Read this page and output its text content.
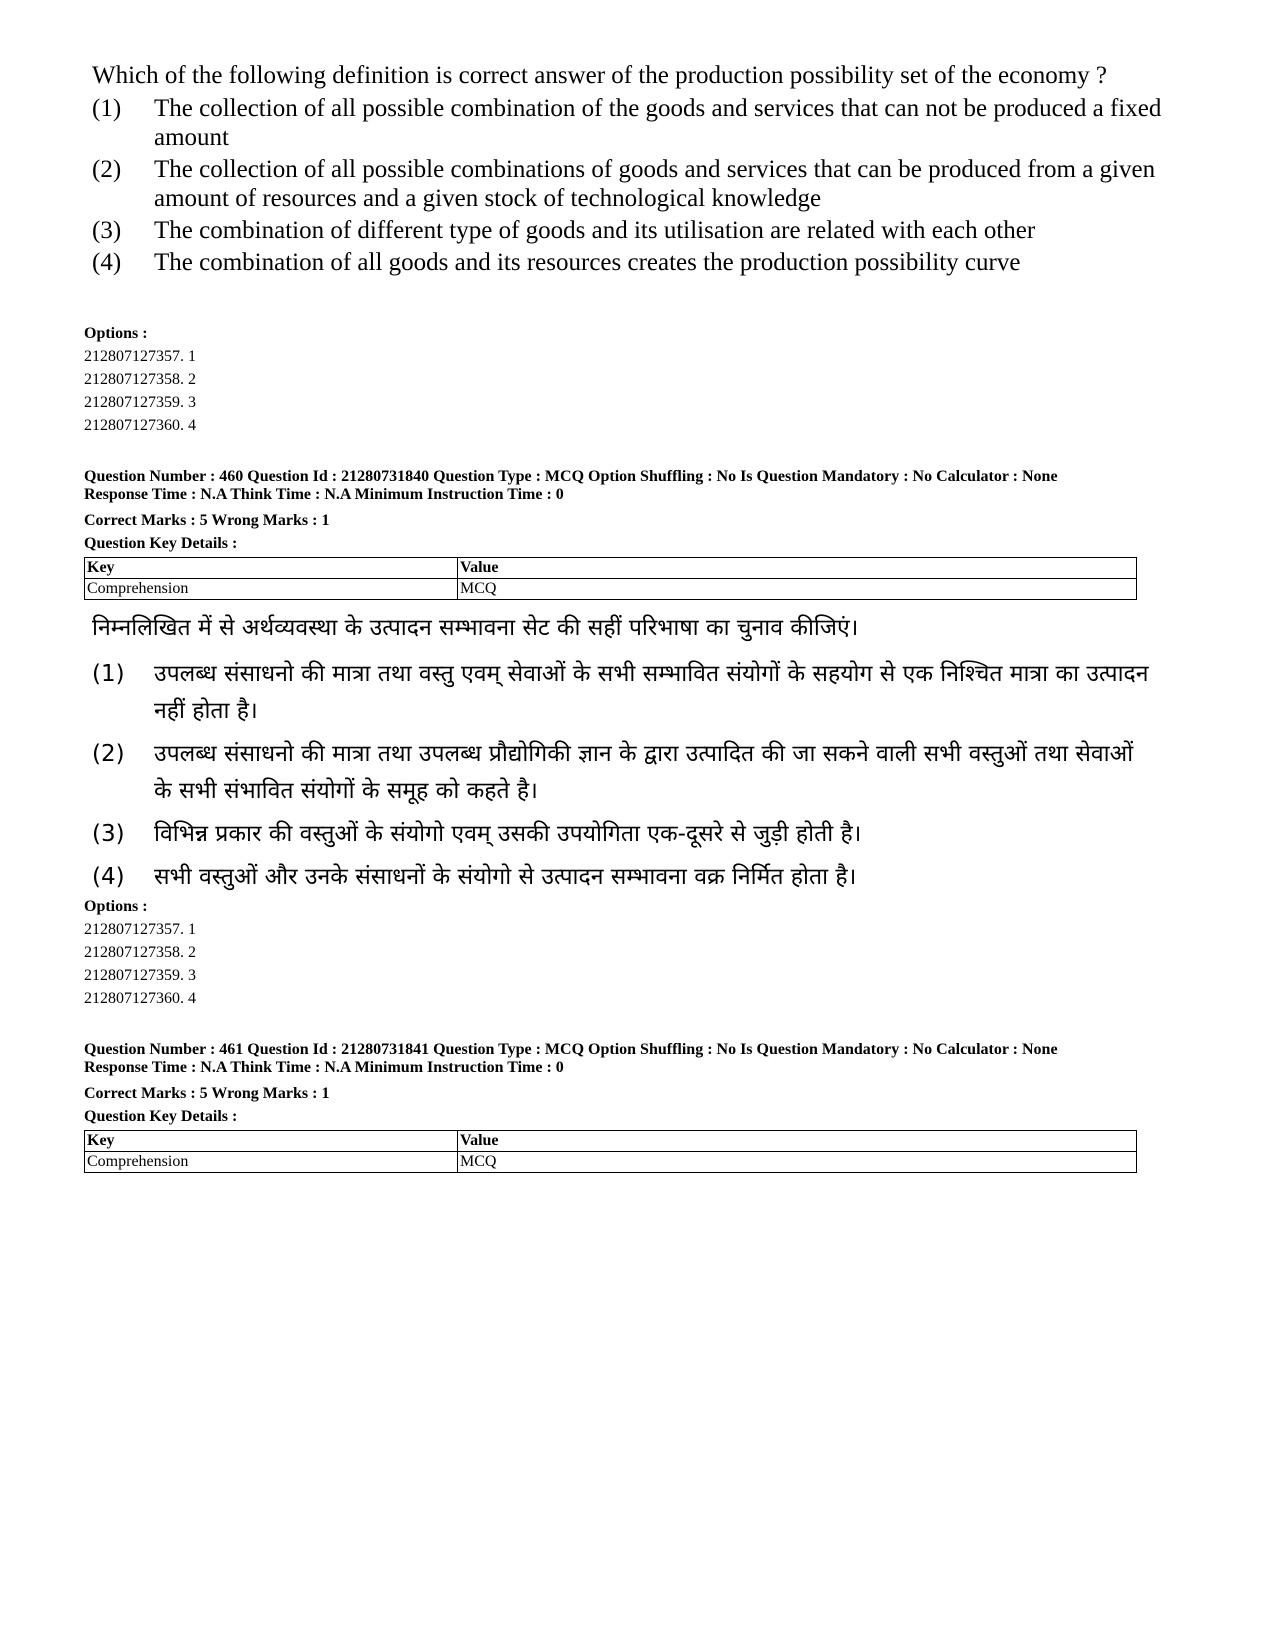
Which of the following definition is correct answer of the production possibility set of the economy ?
(1)	The collection of all possible combination of the goods and services that can not be produced a fixed amount
(2)	The collection of all possible combinations of goods and services that can be produced from a given amount of resources and a given stock of technological knowledge
(3)	The combination of different type of goods and its utilisation are related with each other
(4)	The combination of all goods and its resources creates the production possibility curve
Options :
212807127357. 1
212807127358. 2
212807127359. 3
212807127360. 4
Question Number : 460 Question Id : 21280731840 Question Type : MCQ Option Shuffling : No Is Question Mandatory : No Calculator : None
Response Time : N.A Think Time : N.A Minimum Instruction Time : 0
Correct Marks : 5 Wrong Marks : 1
Question Key Details :
Key	Value
Comprehension	MCQ
निम्नलिखित में से अर्थव्यवस्था के उत्पादन सम्भावना सेट की सहीं परिभाषा का चुनाव कीजिएं।
(1)	उपलब्ध संसाधनो की मात्रा तथा वस्तु एवम् सेवाओं के सभी सम्भावित संयोगों के सहयोग से एक निश्चित मात्रा का उत्पादन नहीं होता है।
(2)	उपलब्ध संसाधनो की मात्रा तथा उपलब्ध प्रौद्योगिकी ज्ञान के द्वारा उत्पादित की जा सकने वाली सभी वस्तुओं तथा सेवाओं के सभी संभावित संयोगों के समूह को कहते है।
(3)	विभिन्न प्रकार की वस्तुओं के संयोगो एवम् उसकी उपयोगिता एक-दूसरे से जुड़ी होती है।
(4)	सभी वस्तुओं और उनके संसाधनों के संयोगो से उत्पादन सम्भावना वक्र निर्मित होता है।
Options :
212807127357. 1
212807127358. 2
212807127359. 3
212807127360. 4
Question Number : 461 Question Id : 21280731841 Question Type : MCQ Option Shuffling : No Is Question Mandatory : No Calculator : None
Response Time : N.A Think Time : N.A Minimum Instruction Time : 0
Correct Marks : 5 Wrong Marks : 1
Question Key Details :
Key	Value
Comprehension	MCQ
